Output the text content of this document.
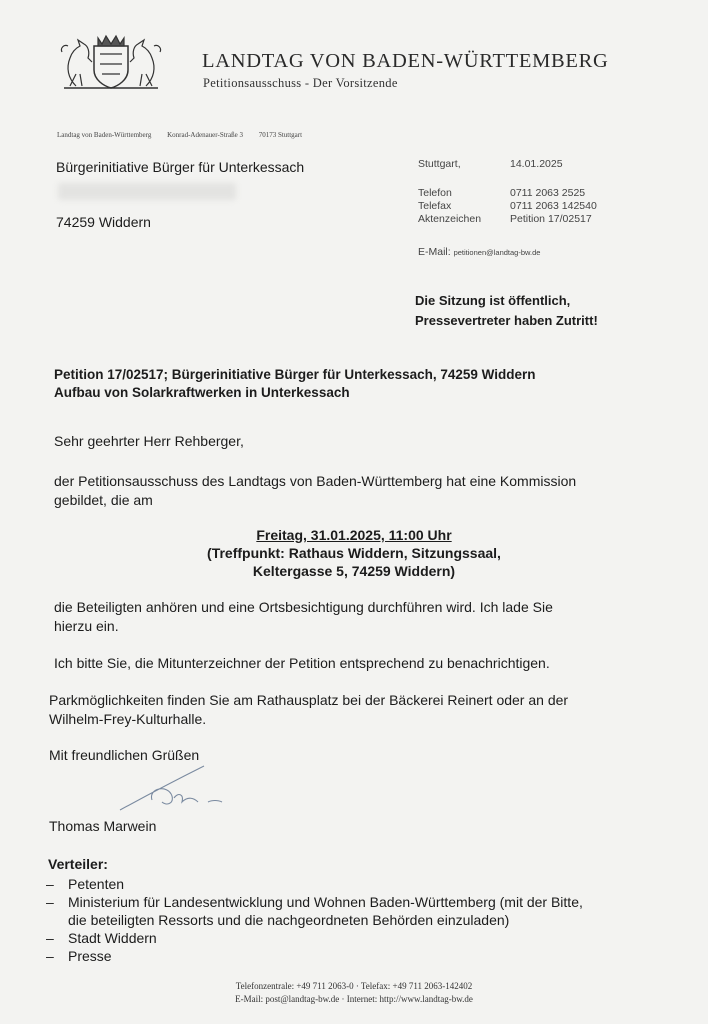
LANDTAG VON BADEN-WÜRTTEMBERG
Petitionsausschuss - Der Vorsitzende
Landtag von Baden-Württemberg Konrad-Adenauer-Straße 3 70173 Stuttgart
Bürgerinitiative Bürger für Unterkessach
74259 Widdern
Stuttgart,	14.01.2025
Telefon	0711 2063 2525
Telefax	0711 2063 142540
Aktenzeichen	Petition 17/02517
E-Mail: petitionen@landtag-bw.de
Die Sitzung ist öffentlich,
Pressevertreter haben Zutritt!
Petition 17/02517; Bürgerinitiative Bürger für Unterkessach, 74259 Widdern
Aufbau von Solarkraftwerken in Unterkessach
Sehr geehrter Herr Rehberger,
der Petitionsausschuss des Landtags von Baden-Württemberg hat eine Kommission
gebildet, die am
Freitag, 31.01.2025, 11:00 Uhr
(Treffpunkt: Rathaus Widdern, Sitzungssaal,
Keltergasse 5, 74259 Widdern)
die Beteiligten anhören und eine Ortsbesichtigung durchführen wird. Ich lade Sie
hierzu ein.
Ich bitte Sie, die Mitunterzeichner der Petition entsprechend zu benachrichtigen.
Parkmöglichkeiten finden Sie am Rathausplatz bei der Bäckerei Reinert oder an der
Wilhelm-Frey-Kulturhalle.
Mit freundlichen Grüßen
Thomas Marwein
Verteiler:
–	Petenten
–	Ministerium für Landesentwicklung und Wohnen Baden-Württemberg (mit der Bitte,
die beteiligten Ressorts und die nachgeordneten Behörden einzuladen)
–	Stadt Widdern
–	Presse
Telefonzentrale: +49 711 2063-0 · Telefax: +49 711 2063-142402
E-Mail: post@landtag-bw.de · Internet: http://www.landtag-bw.de
